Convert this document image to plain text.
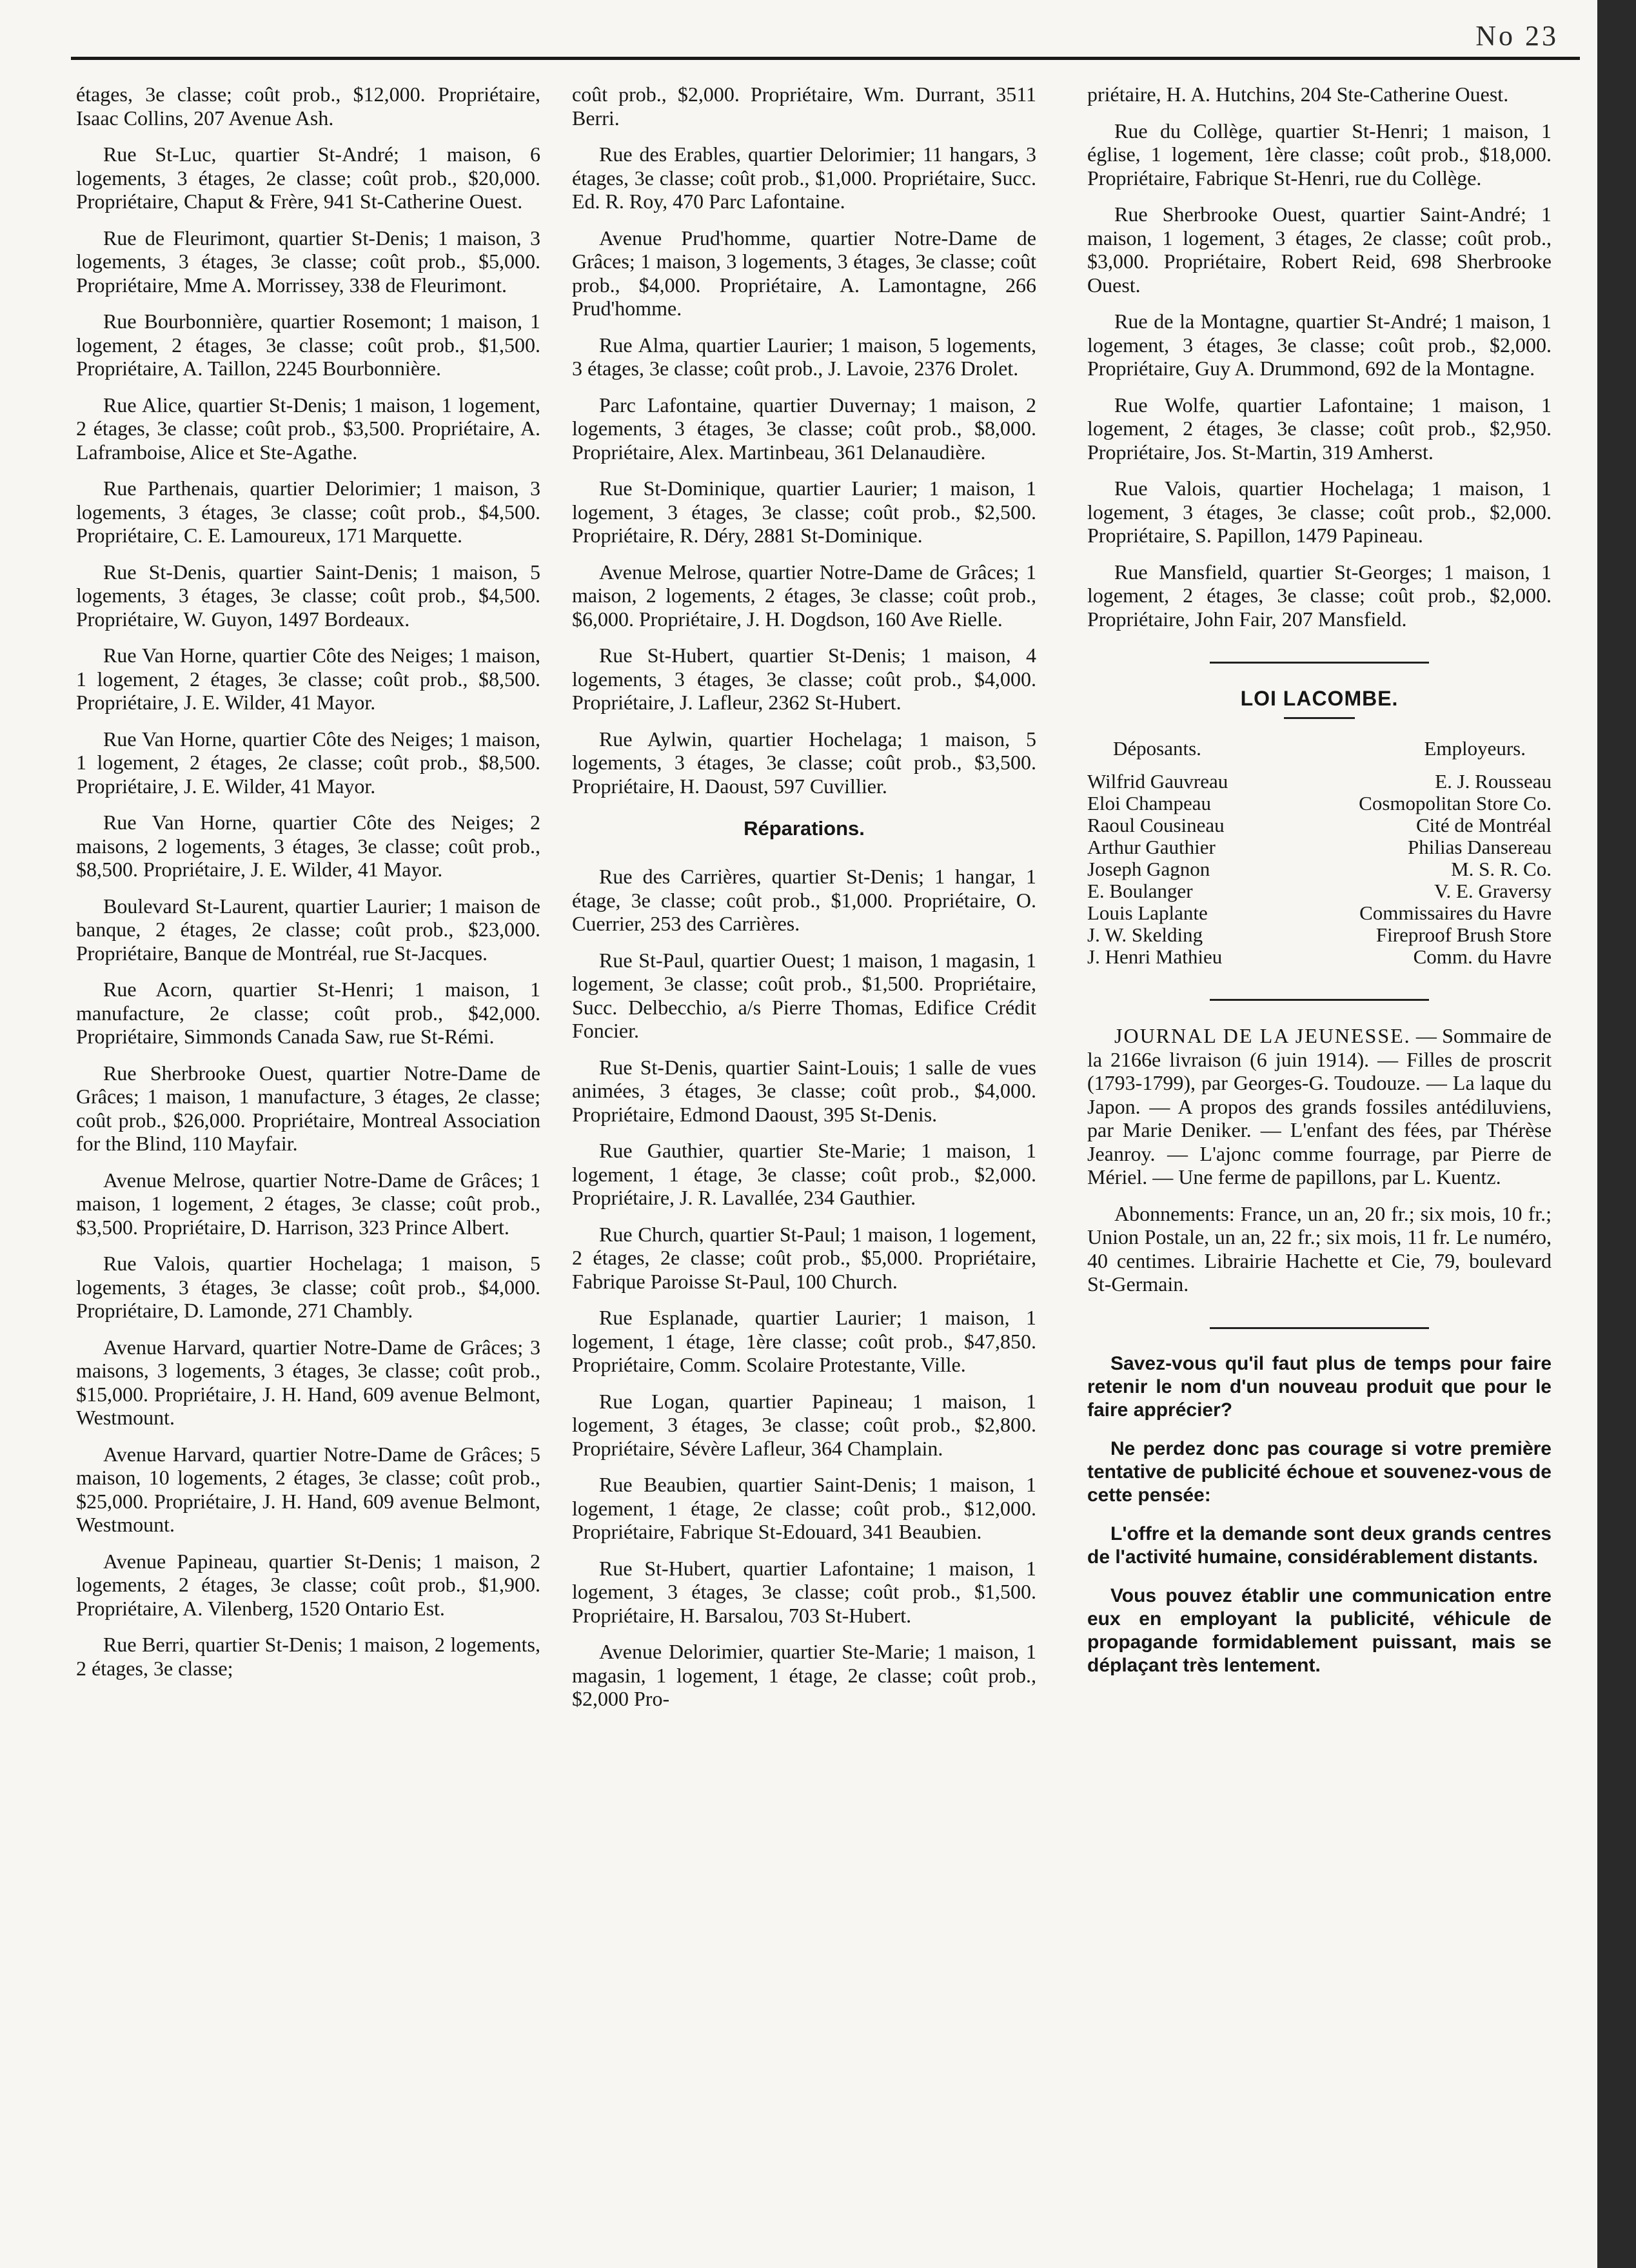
No 23

étages, 3e classe; coût prob., $12,000. Propriétaire, Isaac Collins, 207 Avenue Ash.

Rue St-Luc, quartier St-André; 1 maison, 6 logements, 3 étages, 2e classe; coût prob., $20,000. Propriétaire, Chaput & Frère, 941 St-Catherine Ouest.

Rue de Fleurimont, quartier St-Denis; 1 maison, 3 logements, 3 étages, 3e classe; coût prob., $5,000. Propriétaire, Mme A. Morrissey, 338 de Fleurimont.

Rue Bourbonnière, quartier Rosemont; 1 maison, 1 logement, 2 étages, 3e classe; coût prob., $1,500. Propriétaire, A. Taillon, 2245 Bourbonnière.

Rue Alice, quartier St-Denis; 1 maison, 1 logement, 2 étages, 3e classe; coût prob., $3,500. Propriétaire, A. Laframboise, Alice et Ste-Agathe.

Rue Parthenais, quartier Delorimier; 1 maison, 3 logements, 3 étages, 3e classe; coût prob., $4,500. Propriétaire, C. E. Lamoureux, 171 Marquette.

Rue St-Denis, quartier Saint-Denis; 1 maison, 5 logements, 3 étages, 3e classe; coût prob., $4,500. Propriétaire, W. Guyon, 1497 Bordeaux.

Rue Van Horne, quartier Côte des Neiges; 1 maison, 1 logement, 2 étages, 3e classe; coût prob., $8,500. Propriétaire, J. E. Wilder, 41 Mayor.

Rue Van Horne, quartier Côte des Neiges; 1 maison, 1 logement, 2 étages, 2e classe; coût prob., $8,500. Propriétaire, J. E. Wilder, 41 Mayor.

Rue Van Horne, quartier Côte des Neiges; 2 maisons, 2 logements, 3 étages, 3e classe; coût prob., $8,500. Propriétaire, J. E. Wilder, 41 Mayor.

Boulevard St-Laurent, quartier Laurier; 1 maison de banque, 2 étages, 2e classe; coût prob., $23,000. Propriétaire, Banque de Montréal, rue St-Jacques.

Rue Acorn, quartier St-Henri; 1 maison, 1 manufacture, 2e classe; coût prob., $42,000. Propriétaire, Simmonds Canada Saw, rue St-Rémi.

Rue Sherbrooke Ouest, quartier Notre-Dame de Grâces; 1 maison, 1 manufacture, 3 étages, 2e classe; coût prob., $26,000. Propriétaire, Montreal Association for the Blind, 110 Mayfair.

Avenue Melrose, quartier Notre-Dame de Grâces; 1 maison, 1 logement, 2 étages, 3e classe; coût prob., $3,500. Propriétaire, D. Harrison, 323 Prince Albert.

Rue Valois, quartier Hochelaga; 1 maison, 5 logements, 3 étages, 3e classe; coût prob., $4,000. Propriétaire, D. Lamonde, 271 Chambly.

Avenue Harvard, quartier Notre-Dame de Grâces; 3 maisons, 3 logements, 3 étages, 3e classe; coût prob., $15,000. Propriétaire, J. H. Hand, 609 avenue Belmont, Westmount.

Avenue Harvard, quartier Notre-Dame de Grâces; 5 maison, 10 logements, 2 étages, 3e classe; coût prob., $25,000. Propriétaire, J. H. Hand, 609 avenue Belmont, Westmount.

Avenue Papineau, quartier St-Denis; 1 maison, 2 logements, 2 étages, 3e classe; coût prob., $1,900. Propriétaire, A. Vilenberg, 1520 Ontario Est.

Rue Berri, quartier St-Denis; 1 maison, 2 logements, 2 étages, 3e classe;

coût prob., $2,000. Propriétaire, Wm. Durrant, 3511 Berri.

Rue des Erables, quartier Delorimier; 11 hangars, 3 étages, 3e classe; coût prob., $1,000. Propriétaire, Succ. Ed. R. Roy, 470 Parc Lafontaine.

Avenue Prud'homme, quartier Notre-Dame de Grâces; 1 maison, 3 logements, 3 étages, 3e classe; coût prob., $4,000. Propriétaire, A. Lamontagne, 266 Prud'homme.

Rue Alma, quartier Laurier; 1 maison, 5 logements, 3 étages, 3e classe; coût prob., J. Lavoie, 2376 Drolet.

Parc Lafontaine, quartier Duvernay; 1 maison, 2 logements, 3 étages, 3e classe; coût prob., $8,000. Propriétaire, Alex. Martinbeau, 361 Delanaudière.

Rue St-Dominique, quartier Laurier; 1 maison, 1 logement, 3 étages, 3e classe; coût prob., $2,500. Propriétaire, R. Déry, 2881 St-Dominique.

Avenue Melrose, quartier Notre-Dame de Grâces; 1 maison, 2 logements, 2 étages, 3e classe; coût prob., $6,000. Propriétaire, J. H. Dogdson, 160 Ave Rielle.

Rue St-Hubert, quartier St-Denis; 1 maison, 4 logements, 3 étages, 3e classe; coût prob., $4,000. Propriétaire, J. Lafleur, 2362 St-Hubert.

Rue Aylwin, quartier Hochelaga; 1 maison, 5 logements, 3 étages, 3e classe; coût prob., $3,500. Propriétaire, H. Daoust, 597 Cuvillier.

Réparations.

Rue des Carrières, quartier St-Denis; 1 hangar, 1 étage, 3e classe; coût prob., $1,000. Propriétaire, O. Cuerrier, 253 des Carrières.

Rue St-Paul, quartier Ouest; 1 maison, 1 magasin, 1 logement, 3e classe; coût prob., $1,500. Propriétaire, Succ. Delbecchio, a/s Pierre Thomas, Edifice Crédit Foncier.

Rue St-Denis, quartier Saint-Louis; 1 salle de vues animées, 3 étages, 3e classe; coût prob., $4,000. Propriétaire, Edmond Daoust, 395 St-Denis.

Rue Gauthier, quartier Ste-Marie; 1 maison, 1 logement, 1 étage, 3e classe; coût prob., $2,000. Propriétaire, J. R. Lavallée, 234 Gauthier.

Rue Church, quartier St-Paul; 1 maison, 1 logement, 2 étages, 2e classe; coût prob., $5,000. Propriétaire, Fabrique Paroisse St-Paul, 100 Church.

Rue Esplanade, quartier Laurier; 1 maison, 1 logement, 1 étage, 1ère classe; coût prob., $47,850. Propriétaire, Comm. Scolaire Protestante, Ville.

Rue Logan, quartier Papineau; 1 maison, 1 logement, 3 étages, 3e classe; coût prob., $2,800. Propriétaire, Sévère Lafleur, 364 Champlain.

Rue Beaubien, quartier Saint-Denis; 1 maison, 1 logement, 1 étage, 2e classe; coût prob., $12,000. Propriétaire, Fabrique St-Edouard, 341 Beaubien.

Rue St-Hubert, quartier Lafontaine; 1 maison, 1 logement, 3 étages, 3e classe; coût prob., $1,500. Propriétaire, H. Barsalou, 703 St-Hubert.

Avenue Delorimier, quartier Ste-Marie; 1 maison, 1 magasin, 1 logement, 1 étage, 2e classe; coût prob., $2,000 Pro-

priétaire, H. A. Hutchins, 204 Ste-Catherine Ouest.

Rue du Collège, quartier St-Henri; 1 maison, 1 église, 1 logement, 1ère classe; coût prob., $18,000. Propriétaire, Fabrique St-Henri, rue du Collège.

Rue Sherbrooke Ouest, quartier Saint-André; 1 maison, 1 logement, 3 étages, 2e classe; coût prob., $3,000. Propriétaire, Robert Reid, 698 Sherbrooke Ouest.

Rue de la Montagne, quartier St-André; 1 maison, 1 logement, 3 étages, 3e classe; coût prob., $2,000. Propriétaire, Guy A. Drummond, 692 de la Montagne.

Rue Wolfe, quartier Lafontaine; 1 maison, 1 logement, 2 étages, 3e classe; coût prob., $2,950. Propriétaire, Jos. St-Martin, 319 Amherst.

Rue Valois, quartier Hochelaga; 1 maison, 1 logement, 3 étages, 3e classe; coût prob., $2,000. Propriétaire, S. Papillon, 1479 Papineau.

Rue Mansfield, quartier St-Georges; 1 maison, 1 logement, 2 étages, 3e classe; coût prob., $2,000. Propriétaire, John Fair, 207 Mansfield.

LOI LACOMBE.
Déposants.	Employeurs.
Wilfrid Gauvreau	E. J. Rousseau
Eloi Champeau	Cosmopolitan Store Co.
Raoul Cousineau	Cité de Montréal
Arthur Gauthier	Philias Dansereau
Joseph Gagnon	M. S. R. Co.
E. Boulanger	V. E. Graversy
Louis Laplante	Commissaires du Havre
J. W. Skelding	Fireproof Brush Store
J. Henri Mathieu	Comm. du Havre

JOURNAL DE LA JEUNESSE. — Sommaire de la 2166e livraison (6 juin 1914). — Filles de proscrit (1793-1799), par Georges-G. Toudouze. — La laque du Japon. — A propos des grands fossiles antédiluviens, par Marie Deniker. — L'enfant des fées, par Thérèse Jeanroy. — L'ajonc comme fourrage, par Pierre de Mériel. — Une ferme de papillons, par L. Kuentz.

Abonnements: France, un an, 20 fr.; six mois, 10 fr.; Union Postale, un an, 22 fr.; six mois, 11 fr. Le numéro, 40 centimes. Librairie Hachette et Cie, 79, boulevard St-Germain.

Savez-vous qu'il faut plus de temps pour faire retenir le nom d'un nouveau produit que pour le faire apprécier?

Ne perdez donc pas courage si votre première tentative de publicité échoue et souvenez-vous de cette pensée:

L'offre et la demande sont deux grands centres de l'activité humaine, considérablement distants.

Vous pouvez établir une communication entre eux en employant la publicité, véhicule de propagande formidablement puissant, mais se déplaçant très lentement.
